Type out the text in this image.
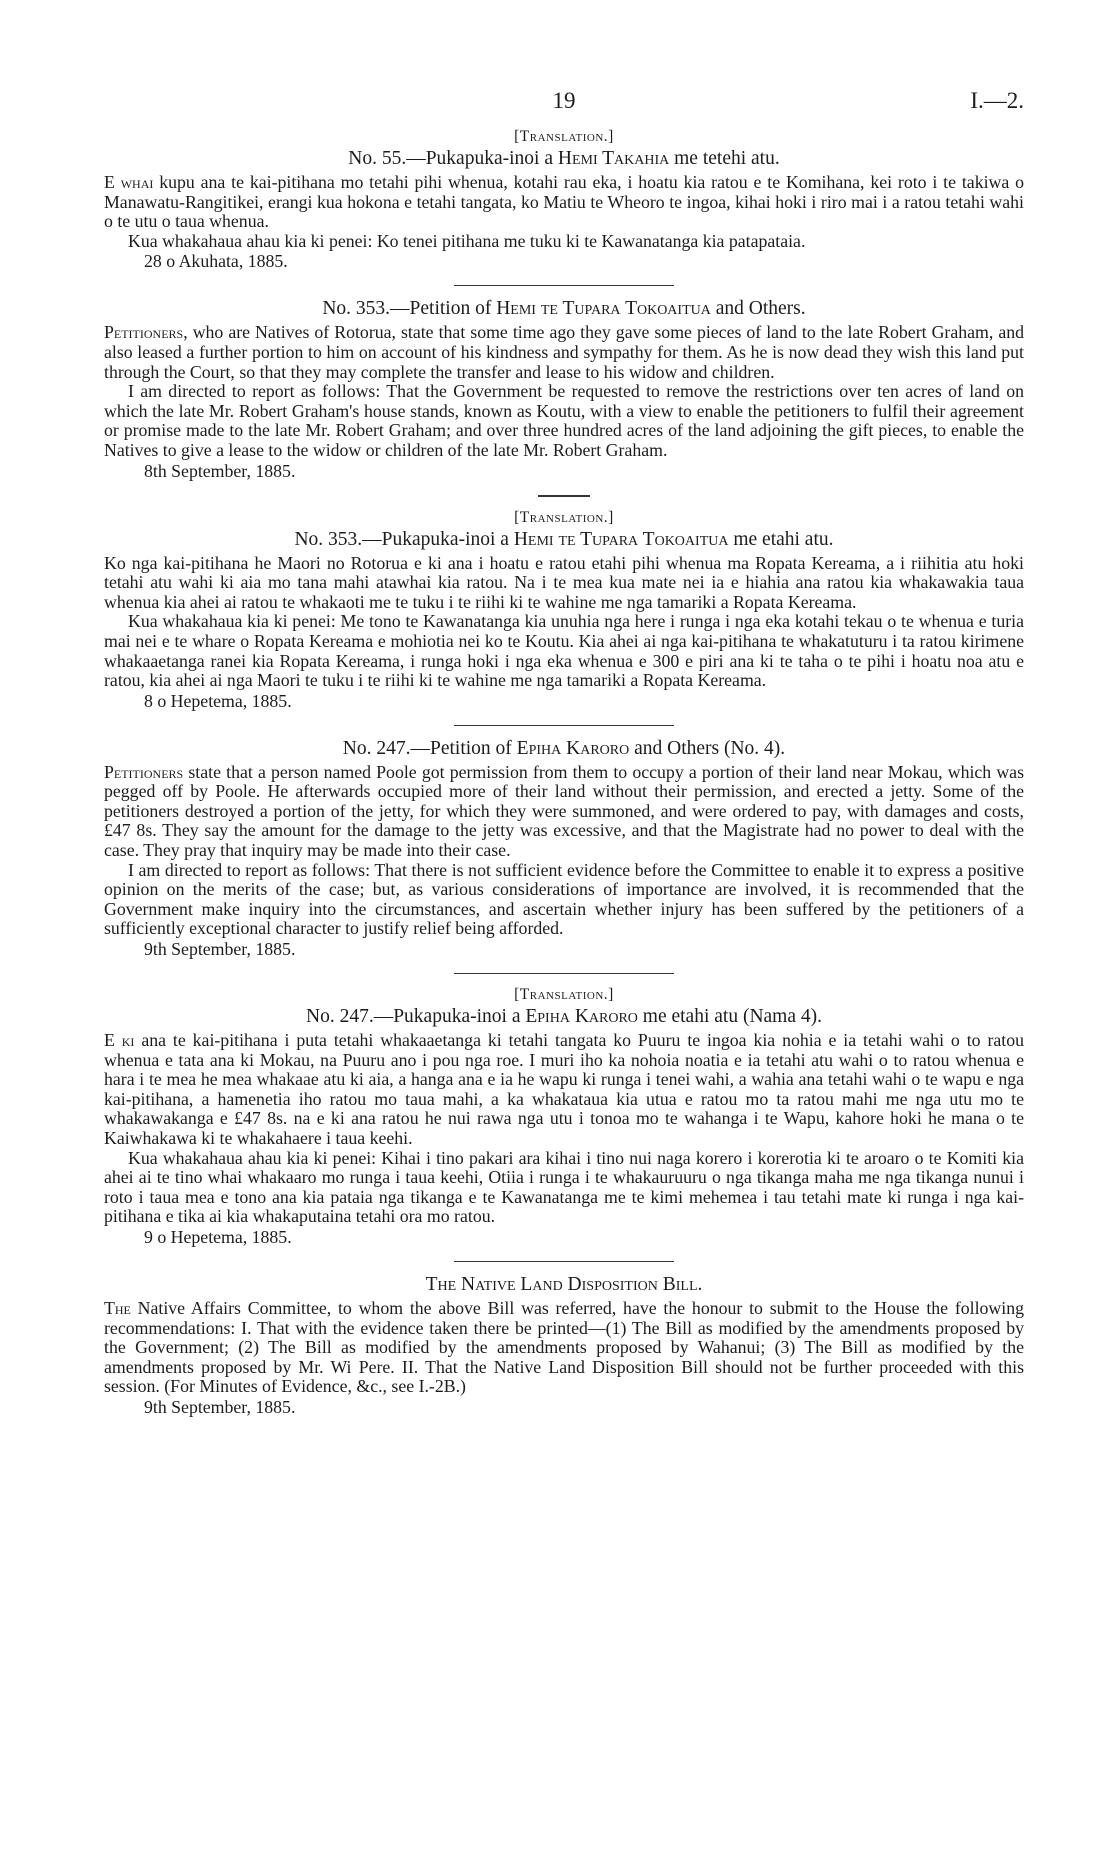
19	I.—2.
[Translation.]
No. 55.—Pukapuka-inoi a Hemi Takahia me tetehi atu.

E whai kupu ana te kai-pitihana mo tetahi pihi whenua, kotahi rau eka, i hoatu kia ratou e te Komihana, kei roto i te takiwa o Manawatu-Rangitikei, erangi kua hokona e tetahi tangata, ko Matiu te Wheoro te ingoa, kihai hoki i riro mai i a ratou tetahi wahi o te utu o taua whenua.

Kua whakahaua ahau kia ki penei: Ko tenei pitihana me tuku ki te Kawanatanga kia patapataia.

28 o Akuhata, 1885.

No. 353.—Petition of Hemi te Tupara Tokoaitua and Others.

Petitioners, who are Natives of Rotorua, state that some time ago they gave some pieces of land to the late Robert Graham, and also leased a further portion to him on account of his kindness and sympathy for them. As he is now dead they wish this land put through the Court, so that they may complete the transfer and lease to his widow and children.

I am directed to report as follows: That the Government be requested to remove the restrictions over ten acres of land on which the late Mr. Robert Graham's house stands, known as Koutu, with a view to enable the petitioners to fulfil their agreement or promise made to the late Mr. Robert Graham; and over three hundred acres of the land adjoining the gift pieces, to enable the Natives to give a lease to the widow or children of the late Mr. Robert Graham.

8th September, 1885.

[Translation.]
No. 353.—Pukapuka-inoi a Hemi te Tupara Tokoaitua me etahi atu.

Ko nga kai-pitihana he Maori no Rotorua e ki ana i hoatu e ratou etahi pihi whenua ma Ropata Kereama, a i riihitia atu hoki tetahi atu wahi ki aia mo tana mahi atawhai kia ratou. Na i te mea kua mate nei ia e hiahia ana ratou kia whakawakia taua whenua kia ahei ai ratou te whakaoti me te tuku i te riihi ki te wahine me nga tamariki a Ropata Kereama.

Kua whakahaua kia ki penei: Me tono te Kawanatanga kia unuhia nga here i runga i nga eka kotahi tekau o te whenua e turia mai nei e te whare o Ropata Kereama e mohiotia nei ko te Koutu. Kia ahei ai nga kai-pitihana te whakatuturu i ta ratou kirimene whakaaetanga ranei kia Ropata Kereama, i runga hoki i nga eka whenua e 300 e piri ana ki te taha o te pihi i hoatu noa atu e ratou, kia ahei ai nga Maori te tuku i te riihi ki te wahine me nga tamariki a Ropata Kereama.

8 o Hepetema, 1885.

No. 247.—Petition of Epiha Karoro and Others (No. 4).

Petitioners state that a person named Poole got permission from them to occupy a portion of their land near Mokau, which was pegged off by Poole. He afterwards occupied more of their land without their permission, and erected a jetty. Some of the petitioners destroyed a portion of the jetty, for which they were summoned, and were ordered to pay, with damages and costs, £47 8s. They say the amount for the damage to the jetty was excessive, and that the Magistrate had no power to deal with the case. They pray that inquiry may be made into their case.

I am directed to report as follows: That there is not sufficient evidence before the Committee to enable it to express a positive opinion on the merits of the case; but, as various considerations of importance are involved, it is recommended that the Government make inquiry into the circumstances, and ascertain whether injury has been suffered by the petitioners of a sufficiently exceptional character to justify relief being afforded.

9th September, 1885.

[Translation.]
No. 247.—Pukapuka-inoi a Epiha Karoro me etahi atu (Nama 4).

E ki ana te kai-pitihana i puta tetahi whakaaetanga ki tetahi tangata ko Puuru te ingoa kia nohia e ia tetahi wahi o to ratou whenua e tata ana ki Mokau, na Puuru ano i pou nga roe. I muri iho ka nohoia noatia e ia tetahi atu wahi o to ratou whenua e hara i te mea he mea whakaae atu ki aia, a hanga ana e ia he wapu ki runga i tenei wahi, a wahia ana tetahi wahi o te wapu e nga kai-pitihana, a hamenetia iho ratou mo taua mahi, a ka whakataua kia utua e ratou mo ta ratou mahi me nga utu mo te whakawakanga e £47 8s. na e ki ana ratou he nui rawa nga utu i tonoa mo te wahanga i te Wapu, kahore hoki he mana o te Kaiwhakawa ki te whakahaere i taua keehi.

Kua whakahaua ahau kia ki penei: Kihai i tino pakari ara kihai i tino nui naga korero i korerotia ki te aroaro o te Komiti kia ahei ai te tino whai whakaaro mo runga i taua keehi, Otiia i runga i te whakauruuru o nga tikanga maha me nga tikanga nunui i roto i taua mea e tono ana kia pataia nga tikanga e te Kawanatanga me te kimi mehemea i tau tetahi mate ki runga i nga kai-pitihana e tika ai kia whakaputaina tetahi ora mo ratou.

9 o Hepetema, 1885.

The Native Land Disposition Bill.

The Native Affairs Committee, to whom the above Bill was referred, have the honour to submit to the House the following recommendations: I. That with the evidence taken there be printed—(1) The Bill as modified by the amendments proposed by the Government; (2) The Bill as modified by the amendments proposed by Wahanui; (3) The Bill as modified by the amendments proposed by Mr. Wi Pere. II. That the Native Land Disposition Bill should not be further proceeded with this session. (For Minutes of Evidence, &c., see I.-2B.)

9th September, 1885.
